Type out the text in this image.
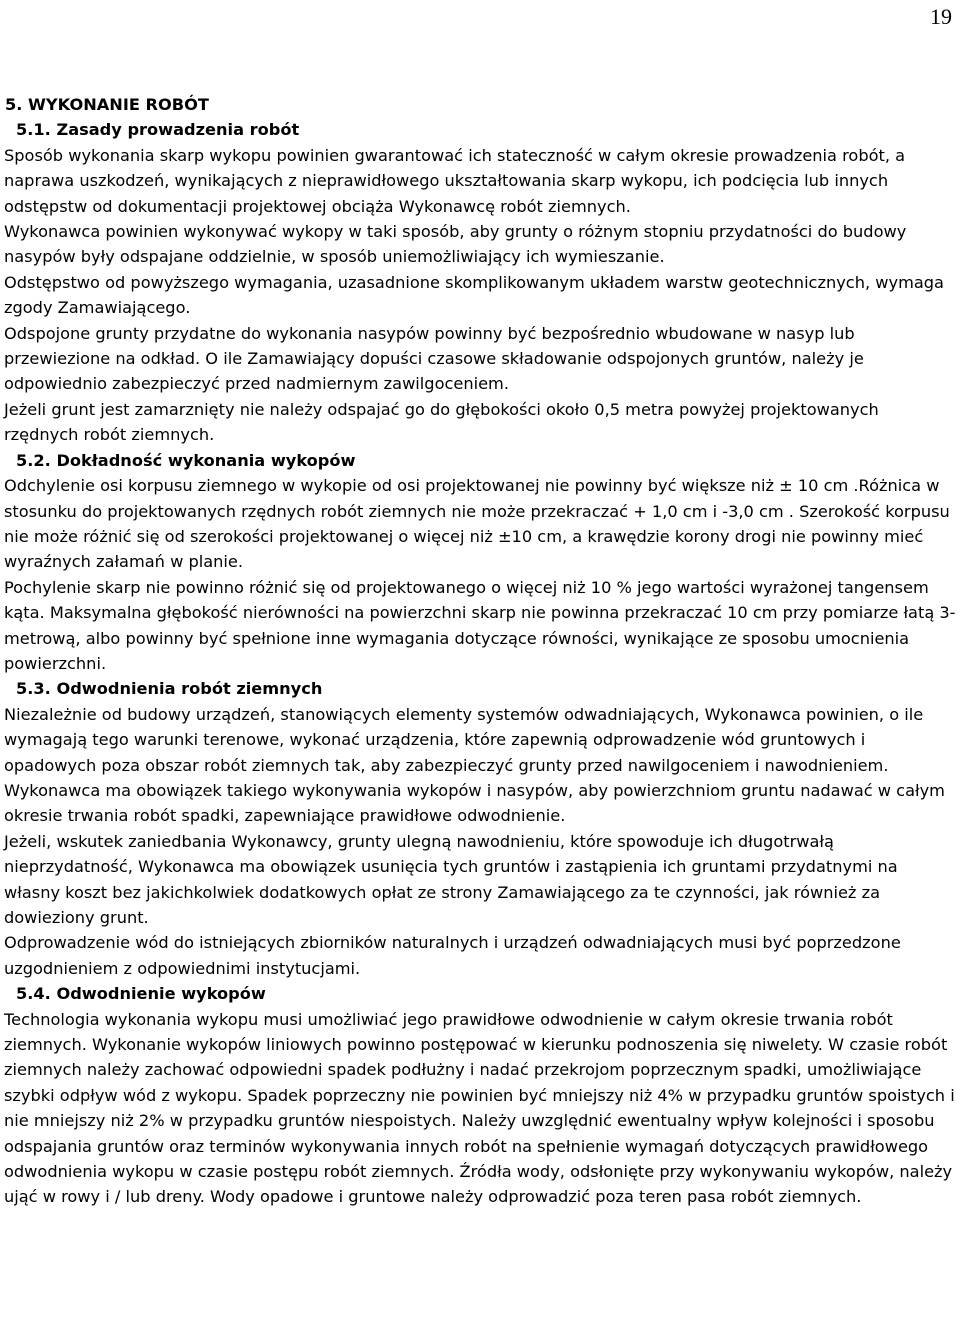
19
5. WYKONANIE ROBÓT
5.1. Zasady prowadzenia robót

Sposób wykonania skarp wykopu powinien gwarantować ich stateczność w całym okresie prowadzenia robót, a naprawa uszkodzeń, wynikających z nieprawidłowego ukształtowania skarp wykopu, ich podcięcia lub innych odstępstw od dokumentacji projektowej obciąża Wykonawcę robót ziemnych.

Wykonawca powinien wykonywać wykopy w taki sposób, aby grunty o różnym stopniu przydatności do budowy nasypów były odspajane oddzielnie, w sposób uniemożliwiający ich wymieszanie.

Odstępstwo od powyższego wymagania, uzasadnione skomplikowanym układem warstw geotechnicznych, wymaga zgody Zamawiającego.

Odspojone grunty przydatne do wykonania nasypów powinny być bezpośrednio wbudowane w nasyp lub przewiezione na odkład. O ile Zamawiający dopuści czasowe składowanie odspojonych gruntów, należy je odpowiednio zabezpieczyć przed nadmiernym zawilgoceniem.

Jeżeli grunt jest zamarznięty nie należy odspajać go do głębokości około 0,5 metra powyżej projektowanych rzędnych robót ziemnych.

5.2. Dokładność wykonania wykopów

Odchylenie osi korpusu ziemnego w wykopie od osi projektowanej nie powinny być większe niż ± 10 cm .Różnica w stosunku do projektowanych rzędnych robót ziemnych nie może przekraczać + 1,0 cm i -3,0 cm . Szerokość korpusu nie może różnić się od szerokości projektowanej o więcej niż ±10 cm, a krawędzie korony drogi nie powinny mieć wyraźnych załamań w planie.

Pochylenie skarp nie powinno różnić się od projektowanego o więcej niż 10 % jego wartości wyrażonej tangensem kąta. Maksymalna głębokość nierówności na powierzchni skarp nie powinna przekraczać 10 cm przy pomiarze łatą 3-metrową, albo powinny być spełnione inne wymagania dotyczące równości, wynikające ze sposobu umocnienia powierzchni.

5.3. Odwodnienia robót ziemnych

Niezależnie od budowy urządzeń, stanowiących elementy systemów odwadniających, Wykonawca powinien, o ile wymagają tego warunki terenowe, wykonać urządzenia, które zapewnią odprowadzenie wód gruntowych i opadowych poza obszar robót ziemnych tak, aby zabezpieczyć grunty przed nawilgoceniem i nawodnieniem.

Wykonawca ma obowiązek takiego wykonywania wykopów i nasypów, aby powierzchniom gruntu nadawać w całym okresie trwania robót spadki, zapewniające prawidłowe odwodnienie.

Jeżeli, wskutek zaniedbania Wykonawcy, grunty ulegną nawodnieniu, które spowoduje ich długotrwałą nieprzydatność, Wykonawca ma obowiązek usunięcia tych gruntów i zastąpienia ich gruntami przydatnymi na własny koszt bez jakichkolwiek dodatkowych opłat ze strony Zamawiającego za te czynności, jak również za dowieziony grunt.

Odprowadzenie wód do istniejących zbiorników naturalnych i urządzeń odwadniających musi być poprzedzone uzgodnieniem z odpowiednimi instytucjami.

5.4. Odwodnienie wykopów

Technologia wykonania wykopu musi umożliwiać jego prawidłowe odwodnienie w całym okresie trwania robót ziemnych. Wykonanie wykopów liniowych powinno postępować w kierunku podnoszenia się niwelety. W czasie robót ziemnych należy zachować odpowiedni spadek podłużny i nadać przekrojom poprzecznym spadki, umożliwiające szybki odpływ wód z wykopu. Spadek poprzeczny nie powinien być mniejszy niż 4% w przypadku gruntów spoistych i nie mniejszy niż 2% w przypadku gruntów niespoistych. Należy uwzględnić ewentualny wpływ kolejności i sposobu odspajania gruntów oraz terminów wykonywania innych robót na spełnienie wymagań dotyczących prawidłowego odwodnienia wykopu w czasie postępu robót ziemnych. Źródła wody, odsłonięte przy wykonywaniu wykopów, należy ująć w rowy i / lub dreny. Wody opadowe i gruntowe należy odprowadzić poza teren pasa robót ziemnych.
